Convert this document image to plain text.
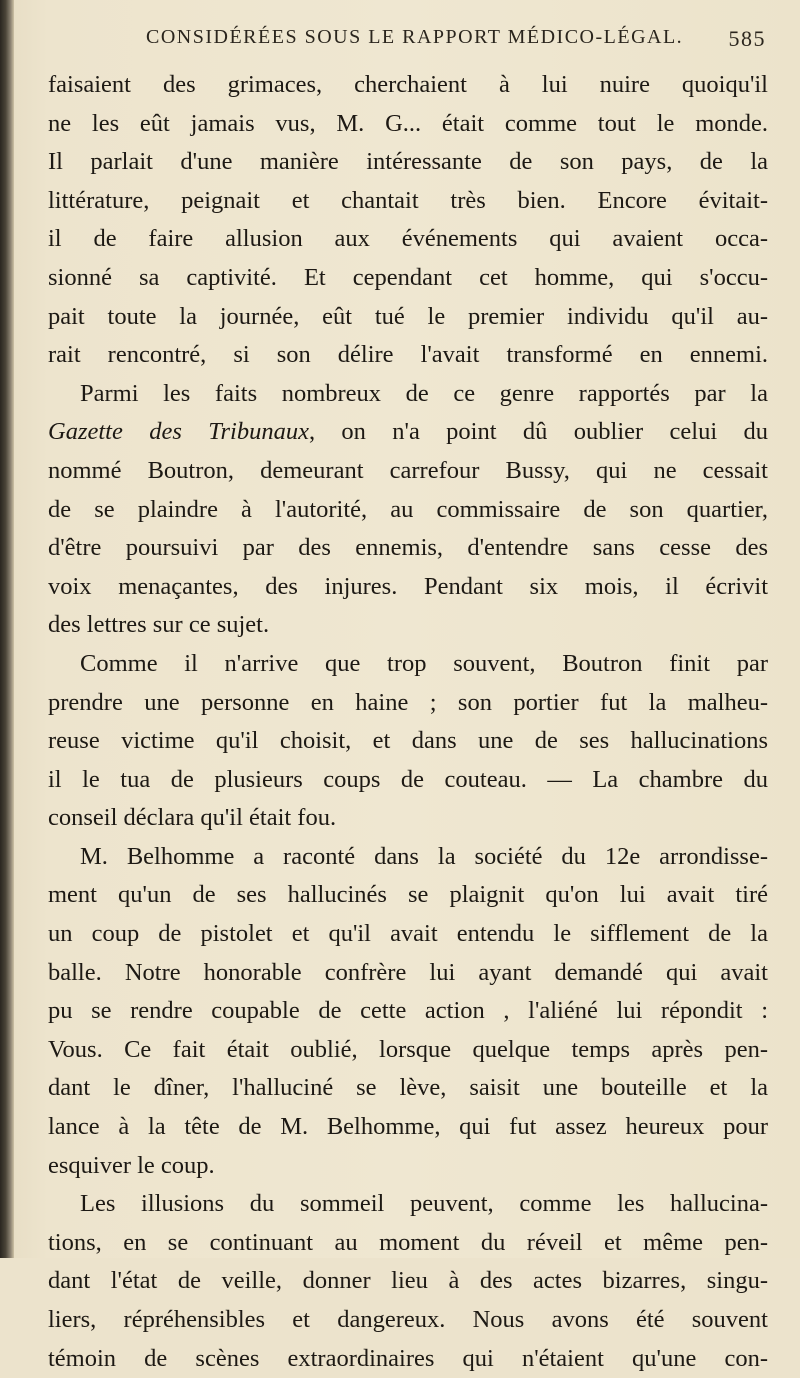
CONSIDÉRÉES SOUS LE RAPPORT MÉDICO-LÉGAL. 585
faisaient des grimaces, cherchaient à lui nuire quoiqu'il
ne les eût jamais vus, M. G... était comme tout le monde.
Il parlait d'une manière intéressante de son pays, de la
littérature, peignait et chantait très bien. Encore évitait-
il de faire allusion aux événements qui avaient occa-
sionné sa captivité. Et cependant cet homme, qui s'occu-
pait toute la journée, eût tué le premier individu qu'il au-
rait rencontré, si son délire l'avait transformé en ennemi.
Parmi les faits nombreux de ce genre rapportés par la
Gazette des Tribunaux, on n'a point dû oublier celui du
nommé Boutron, demeurant carrefour Bussy, qui ne cessait
de se plaindre à l'autorité, au commissaire de son quartier,
d'être poursuivi par des ennemis, d'entendre sans cesse des
voix menaçantes, des injures. Pendant six mois, il écrivit
des lettres sur ce sujet.
Comme il n'arrive que trop souvent, Boutron finit par
prendre une personne en haine ; son portier fut la malheu-
reuse victime qu'il choisit, et dans une de ses hallucinations
il le tua de plusieurs coups de couteau. — La chambre du
conseil déclara qu'il était fou.
M. Belhomme a raconté dans la société du 12e arrondisse-
ment qu'un de ses hallucinés se plaignit qu'on lui avait tiré
un coup de pistolet et qu'il avait entendu le sifflement de la
balle. Notre honorable confrère lui ayant demandé qui avait
pu se rendre coupable de cette action , l'aliéné lui répondit :
Vous. Ce fait était oublié, lorsque quelque temps après pen-
dant le dîner, l'halluciné se lève, saisit une bouteille et la
lance à la tête de M. Belhomme, qui fut assez heureux pour
esquiver le coup.
Les illusions du sommeil peuvent, comme les hallucina-
tions, en se continuant au moment du réveil et même pen-
dant l'état de veille, donner lieu à des actes bizarres, singu-
liers, répréhensibles et dangereux. Nous avons été souvent
témoin de scènes extraordinaires qui n'étaient qu'une con-
